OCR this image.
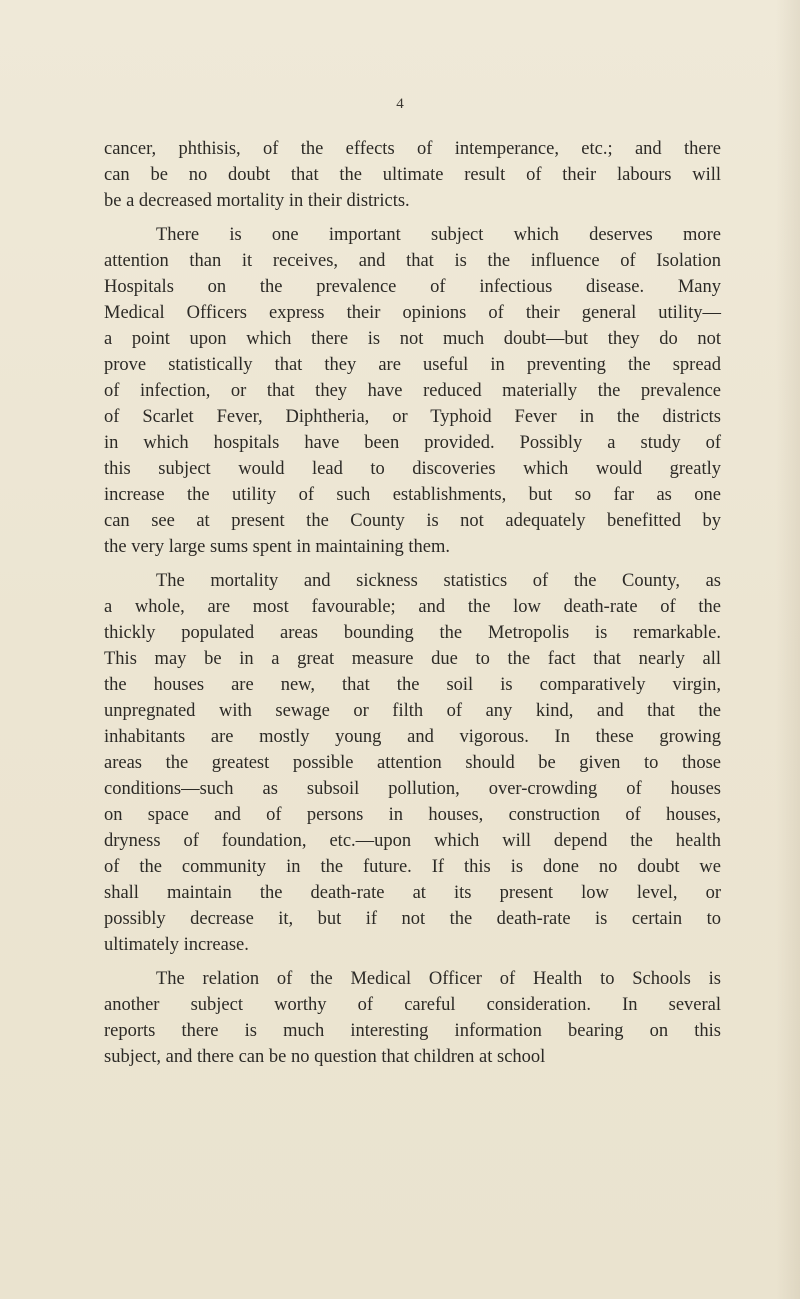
4
cancer, phthisis, of the effects of intemperance, etc.; and there
can be no doubt that the ultimate result of their labours will
be a decreased mortality in their districts.
There is one important subject which deserves more
attention than it receives, and that is the influence of Isolation
Hospitals on the prevalence of infectious disease. Many
Medical Officers express their opinions of their general utility—
a point upon which there is not much doubt—but they do not
prove statistically that they are useful in preventing the spread
of infection, or that they have reduced materially the prevalence
of Scarlet Fever, Diphtheria, or Typhoid Fever in the districts
in which hospitals have been provided. Possibly a study of
this subject would lead to discoveries which would greatly
increase the utility of such establishments, but so far as one
can see at present the County is not adequately benefitted by
the very large sums spent in maintaining them.
The mortality and sickness statistics of the County, as
a whole, are most favourable; and the low death-rate of the
thickly populated areas bounding the Metropolis is remarkable.
This may be in a great measure due to the fact that nearly all
the houses are new, that the soil is comparatively virgin,
unpregnated with sewage or filth of any kind, and that the
inhabitants are mostly young and vigorous. In these growing
areas the greatest possible attention should be given to those
conditions—such as subsoil pollution, over-crowding of houses
on space and of persons in houses, construction of houses,
dryness of foundation, etc.—upon which will depend the health
of the community in the future. If this is done no doubt we
shall maintain the death-rate at its present low level, or
possibly decrease it, but if not the death-rate is certain to
ultimately increase.
The relation of the Medical Officer of Health to Schools is
another subject worthy of careful consideration. In several
reports there is much interesting information bearing on this
subject, and there can be no question that children at school
